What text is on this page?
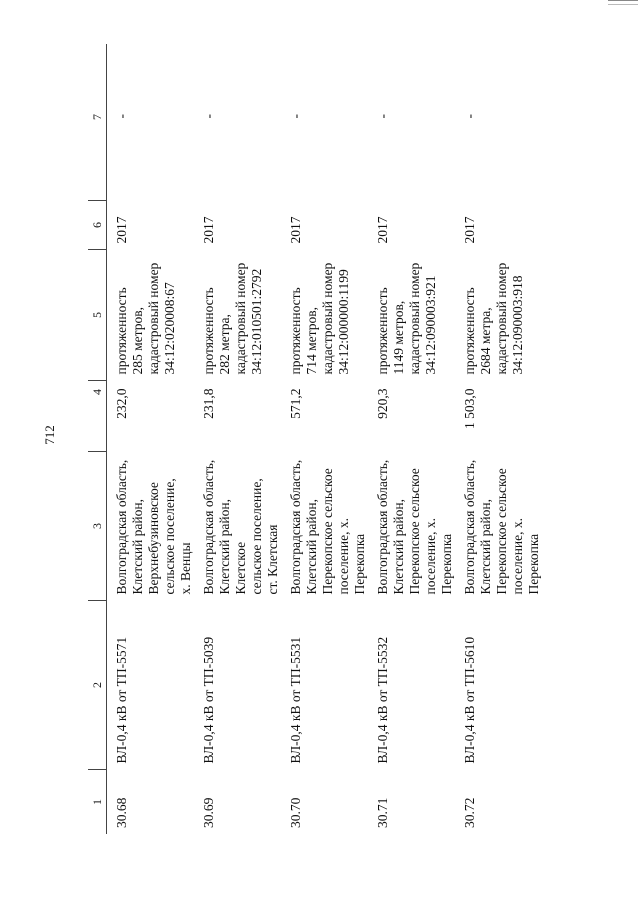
712
1	2	3	4	5	6	7
30.68	ВЛ-0,4 кВ от ТП-5571	Волгоградская область,
Клетский район,
Верхнебузиновское
сельское поселение,
х. Венцы	232,0	протяженность
285 метров,
кадастровый номер
34:12:020008:67	2017	-
30.69	ВЛ-0,4 кВ от ТП-5039	Волгоградская область,
Клетский район, Клетское
сельское поселение,
ст. Клетская	231,8	протяженность
282 метра,
кадастровый номер
34:12:010501:2792	2017	-
30.70	ВЛ-0,4 кВ от ТП-5531	Волгоградская область,
Клетский район,
Перекопское сельское
поселение, х. Перекопка	571,2	протяженность
714 метров,
кадастровый номер
34:12:000000:1199	2017	-
30.71	ВЛ-0,4 кВ от ТП-5532	Волгоградская область,
Клетский район,
Перекопское сельское
поселение, х. Перекопка	920,3	протяженность
1149 метров,
кадастровый номер
34:12:090003:921	2017	-
30.72	ВЛ-0,4 кВ от ТП-5610	Волгоградская область,
Клетский район,
Перекопское сельское
поселение, х. Перекопка	1 503,0	протяженность
2684 метра,
кадастровый номер
34:12:090003:918	2017	-
